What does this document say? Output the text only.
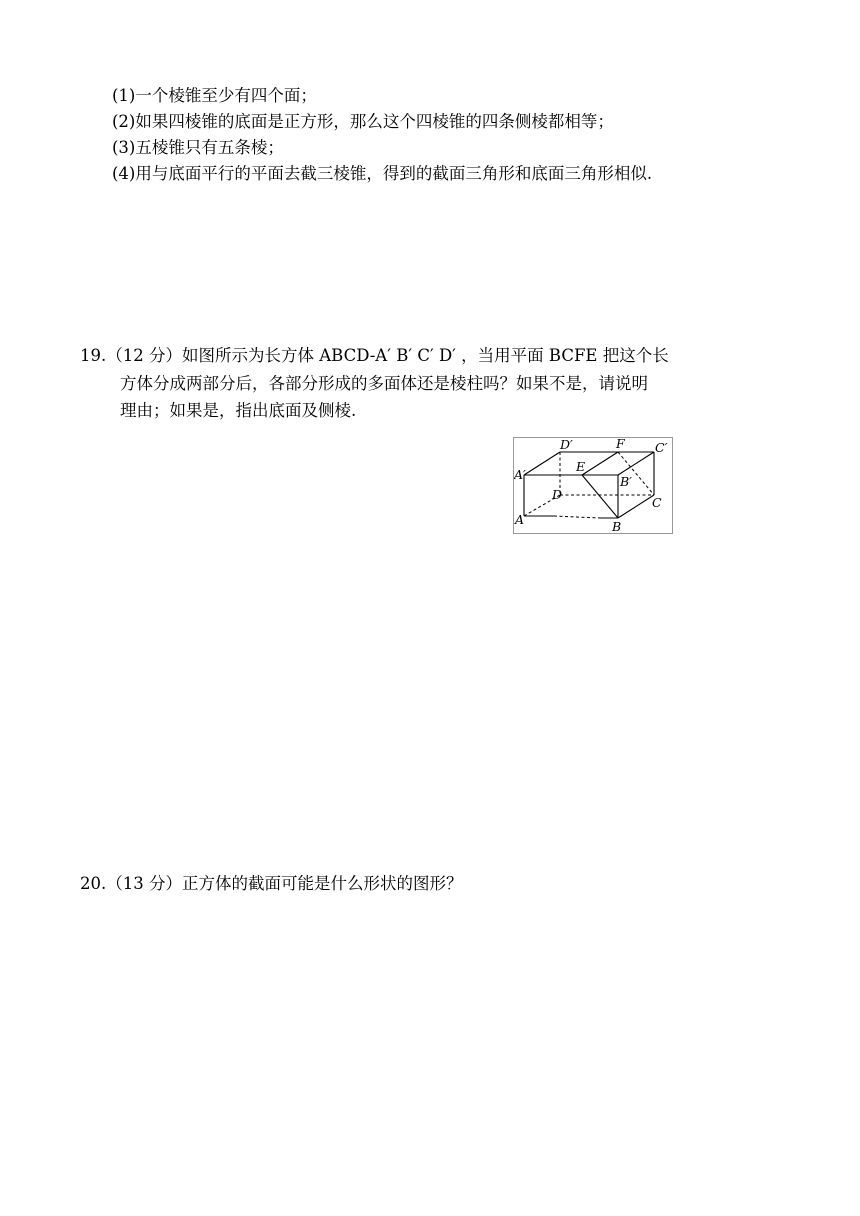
(1)一个棱锥至少有四个面；
(2)如果四棱锥的底面是正方形，那么这个四棱锥的四条侧棱都相等；
(3)五棱锥只有五条棱；
(4)用与底面平行的平面去截三棱锥，得到的截面三角形和底面三角形相似.
19.（12 分）如图所示为长方体 ABCD-A′ B′ C′ D′ ，当用平面 BCFE 把这个长
方体分成两部分后，各部分形成的多面体还是棱柱吗？如果不是，请说明
理由；如果是，指出底面及侧棱.
D′	F C′
A′
E
B′
D
C
A	B
20.（13 分）正方体的截面可能是什么形状的图形？
